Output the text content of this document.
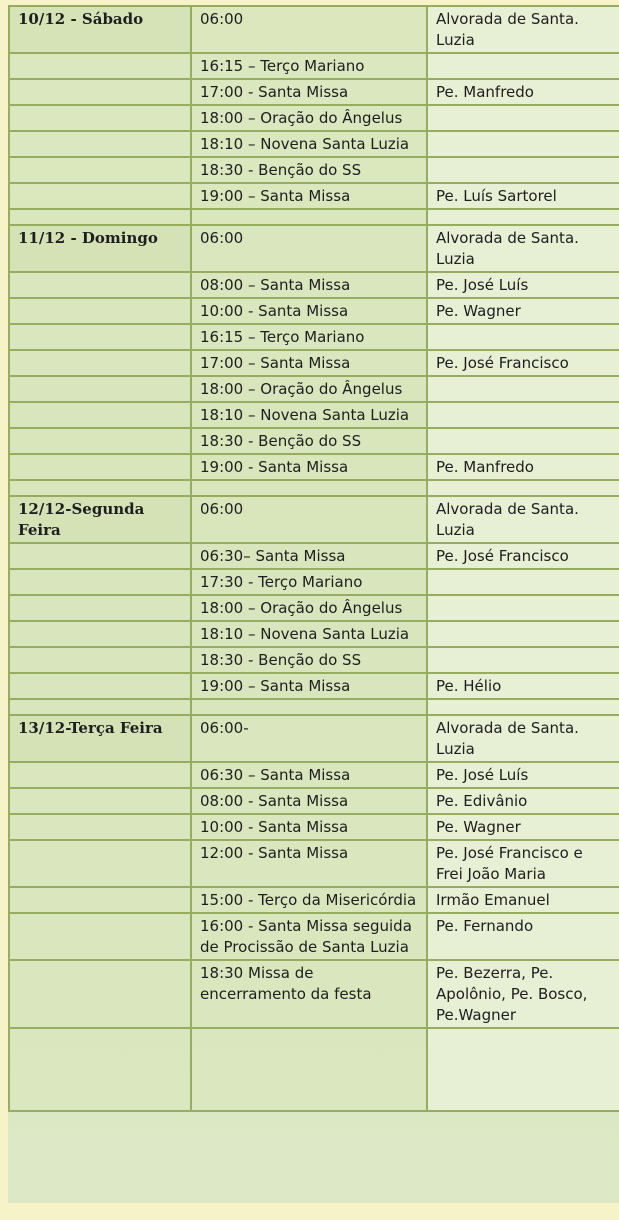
10/12 - Sábado	06:00	Alvorada de Santa. Luzia
	16:15 – Terço Mariano	
	17:00 - Santa Missa	Pe. Manfredo
	18:00 – Oração do Ângelus	
	18:10 – Novena Santa Luzia	
	18:30 - Benção do SS	
	19:00 – Santa Missa	Pe. Luís Sartorel

11/12 - Domingo	06:00	Alvorada de Santa. Luzia
	08:00 – Santa Missa	Pe. José Luís
	10:00 - Santa Missa	Pe. Wagner
	16:15 – Terço Mariano	
	17:00 – Santa Missa	Pe. José Francisco
	18:00 – Oração do Ângelus	
	18:10 – Novena Santa Luzia	
	18:30 - Benção do SS	
	19:00 - Santa Missa	Pe. Manfredo

12/12-Segunda Feira	06:00	Alvorada de Santa. Luzia
	06:30– Santa Missa	Pe. José Francisco
	17:30 - Terço Mariano	
	18:00 – Oração do Ângelus	
	18:10 – Novena Santa Luzia	
	18:30 - Benção do SS	
	19:00 – Santa Missa	Pe. Hélio

13/12-Terça Feira	06:00-	Alvorada de Santa. Luzia
	06:30 – Santa Missa	Pe. José Luís
	08:00 - Santa Missa	Pe. Edivânio
	10:00 - Santa Missa	Pe. Wagner
	12:00 - Santa Missa	Pe. José Francisco e Frei João Maria
	15:00 - Terço da Misericórdia	Irmão Emanuel
	16:00 - Santa Missa seguida de Procissão de Santa Luzia	Pe. Fernando
	18:30 Missa de encerramento da festa	Pe. Bezerra, Pe. Apolônio, Pe. Bosco, Pe.Wagner
